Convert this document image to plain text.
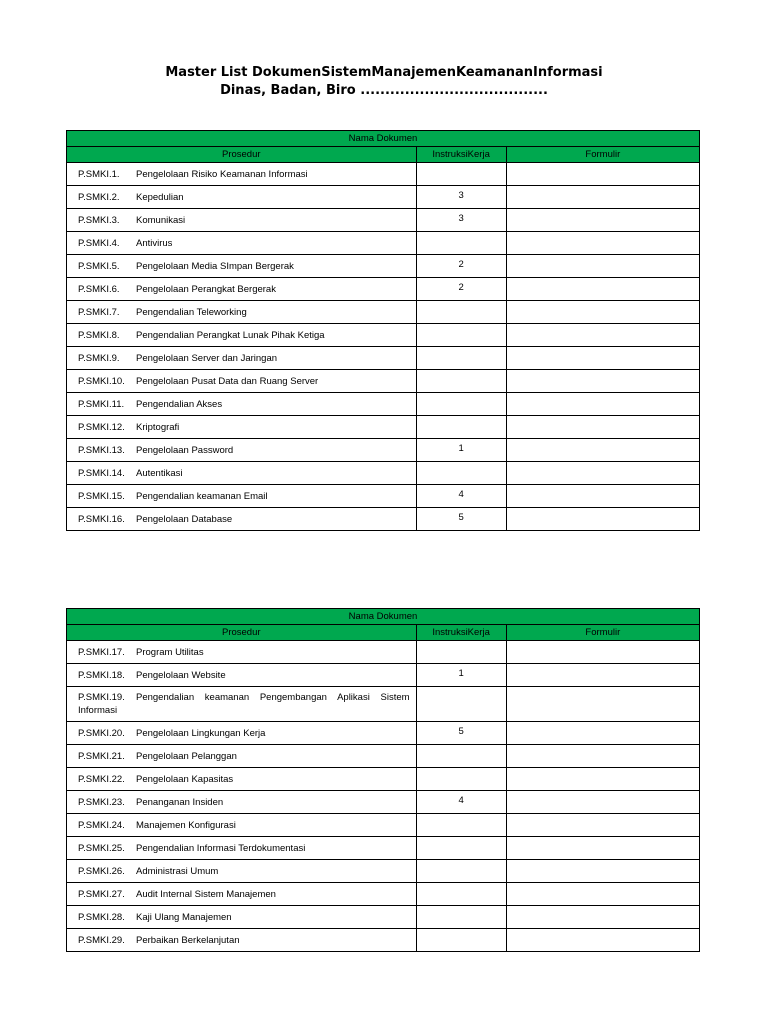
Master List DokumenSistemManajemenKeamananInformasi
Dinas, Badan, Biro ......................................
Nama Dokumen		
Prosedur	InstruksiKerja	Formulir
P.SMKI.1. Pengelolaan Risiko Keamanan Informasi		
P.SMKI.2. Kepedulian	3	
P.SMKI.3. Komunikasi	3	
P.SMKI.4. Antivirus		
P.SMKI.5. Pengelolaan Media SImpan Bergerak	2	
P.SMKI.6. Pengelolaan Perangkat Bergerak	2	
P.SMKI.7. Pengendalian Teleworking		
P.SMKI.8. Pengendalian Perangkat Lunak Pihak Ketiga		
P.SMKI.9. Pengelolaan Server dan Jaringan		
P.SMKI.10. Pengelolaan Pusat Data dan Ruang Server		
P.SMKI.11. Pengendalian Akses		
P.SMKI.12. Kriptografi		
P.SMKI.13. Pengelolaan Password	1	
P.SMKI.14. Autentikasi		
P.SMKI.15. Pengendalian keamanan Email	4	
P.SMKI.16. Pengelolaan Database	5	
Nama Dokumen		
Prosedur	InstruksiKerja	Formulir
P.SMKI.17. Program Utilitas		
P.SMKI.18. Pengelolaan Website	1	
P.SMKI.19. Pengendalian keamanan Pengembangan Aplikasi Sistem Informasi		
P.SMKI.20. Pengelolaan Lingkungan Kerja	5	
P.SMKI.21. Pengelolaan Pelanggan		
P.SMKI.22. Pengelolaan Kapasitas		
P.SMKI.23. Penanganan Insiden	4	
P.SMKI.24. Manajemen Konfigurasi		
P.SMKI.25. Pengendalian Informasi Terdokumentasi		
P.SMKI.26. Administrasi Umum		
P.SMKI.27. Audit Internal Sistem Manajemen		
P.SMKI.28. Kaji Ulang Manajemen		
P.SMKI.29. Perbaikan Berkelanjutan		
